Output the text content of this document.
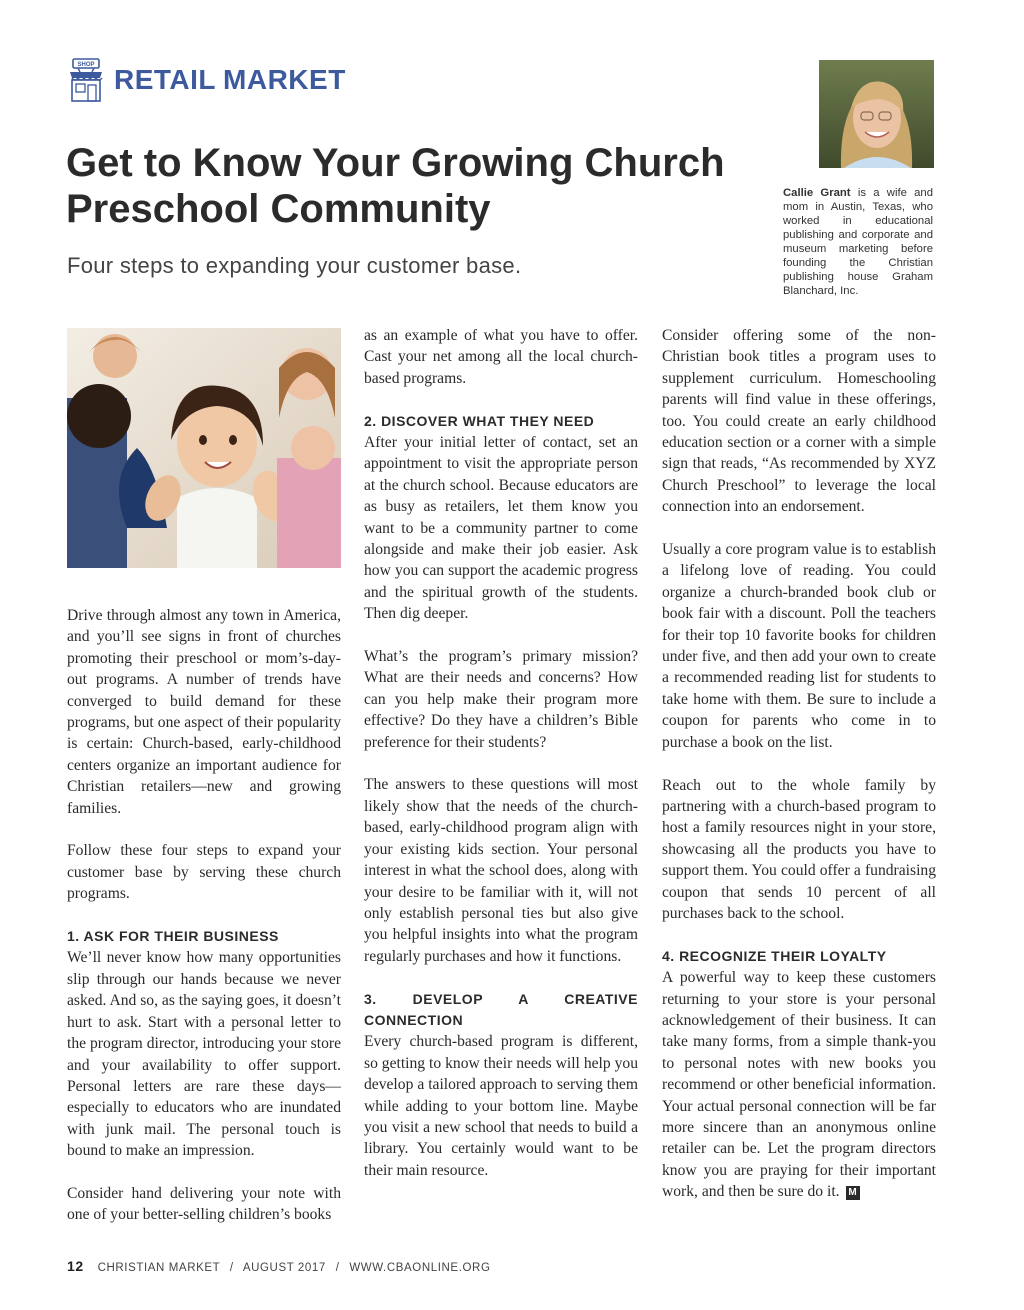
SHOP RETAIL MARKET
Get to Know Your Growing Church Preschool Community

Four steps to expanding your customer base.

Callie Grant is a wife and mom in Austin, Texas, who worked in educational publishing and corporate and museum marketing before founding the Christian publishing house Graham Blanchard, Inc.

Drive through almost any town in America, and you’ll see signs in front of churches promoting their preschool or mom’s-day-out programs. A number of trends have converged to build demand for these programs, but one aspect of their popularity is certain: Church-based, early-childhood centers organize an important audience for Christian retailers—new and growing families.

Follow these four steps to expand your customer base by serving these church programs.

1. ASK FOR THEIR BUSINESS

We’ll never know how many opportunities slip through our hands because we never asked. And so, as the saying goes, it doesn’t hurt to ask. Start with a personal letter to the program director, introducing your store and your availability to offer support. Personal letters are rare these days—especially to educators who are inundated with junk mail. The personal touch is bound to make an impression.

Consider hand delivering your note with one of your better-selling children’s books

as an example of what you have to offer. Cast your net among all the local church-based programs.

2. DISCOVER WHAT THEY NEED

After your initial letter of contact, set an appointment to visit the appropriate person at the church school. Because educators are as busy as retailers, let them know you want to be a community partner to come alongside and make their job easier. Ask how you can support the academic progress and the spiritual growth of the students. Then dig deeper.

What’s the program’s primary mission? What are their needs and concerns? How can you help make their program more effective? Do they have a children’s Bible preference for their students?

The answers to these questions will most likely show that the needs of the church-based, early-childhood program align with your existing kids section. Your personal interest in what the school does, along with your desire to be familiar with it, will not only establish personal ties but also give you helpful insights into what the program regularly purchases and how it functions.

3. DEVELOP A CREATIVE CONNECTION

Every church-based program is different, so getting to know their needs will help you develop a tailored approach to serving them while adding to your bottom line. Maybe you visit a new school that needs to build a library. You certainly would want to be their main resource.

Consider offering some of the non-Christian book titles a program uses to supplement curriculum. Homeschooling parents will find value in these offerings, too. You could create an early childhood education section or a corner with a simple sign that reads, “As recommended by XYZ Church Preschool” to leverage the local connection into an endorsement.

Usually a core program value is to establish a lifelong love of reading. You could organize a church-branded book club or book fair with a discount. Poll the teachers for their top 10 favorite books for children under five, and then add your own to create a recommended reading list for students to take home with them. Be sure to include a coupon for parents who come in to purchase a book on the list.

Reach out to the whole family by partnering with a church-based program to host a family resources night in your store, showcasing all the products you have to support them. You could offer a fundraising coupon that sends 10 percent of all purchases back to the school.

4. RECOGNIZE THEIR LOYALTY

A powerful way to keep these customers returning to your store is your personal acknowledgement of their business. It can take many forms, from a simple thank-you to personal notes with new books you recommend or other beneficial information. Your actual personal connection will be far more sincere than an anonymous online retailer can be. Let the program directors know you are praying for their important work, and then be sure do it. M

12 CHRISTIAN MARKET / AUGUST 2017 / WWW.CBAONLINE.ORG
